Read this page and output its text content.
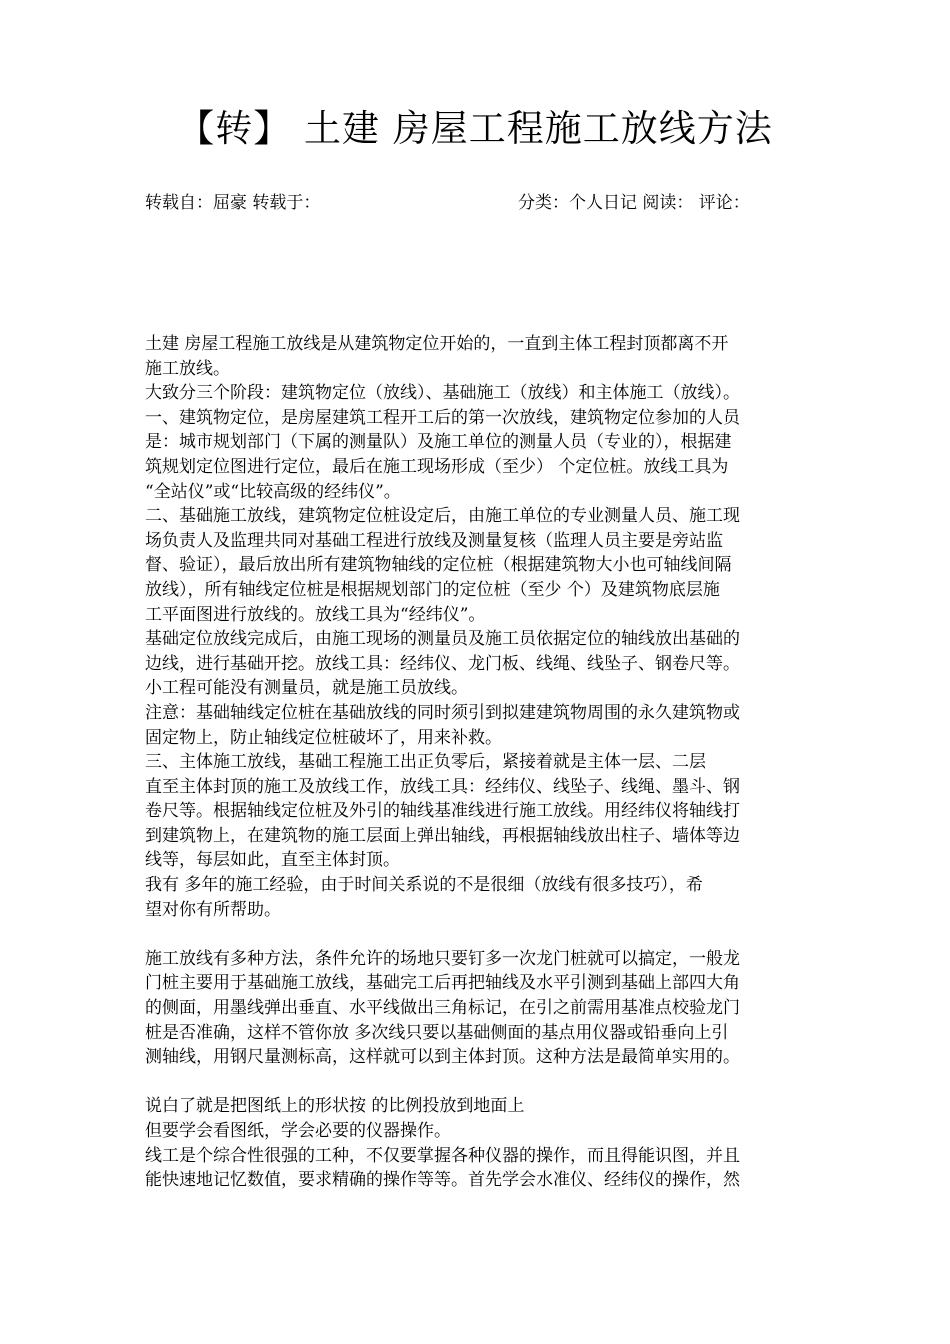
【转】 土建 房屋工程施工放线方法
转载自：屈豪 转载于：	分类：个人日记 阅读： 评论：

土建 房屋工程施工放线是从建筑物定位开始的，一直到主体工程封顶都离不开

施工放线。

大致分三个阶段：建筑物定位（放线）、基础施工（放线）和主体施工（放线）。

一、建筑物定位，是房屋建筑工程开工后的第一次放线，建筑物定位参加的人员

是：城市规划部门（下属的测量队）及施工单位的测量人员（专业的），根据建

筑规划定位图进行定位，最后在施工现场形成（至少） 个定位桩。放线工具为

“全站仪”或“比较高级的经纬仪”。

二、基础施工放线，建筑物定位桩设定后，由施工单位的专业测量人员、施工现

场负责人及监理共同对基础工程进行放线及测量复核（监理人员主要是旁站监

督、验证），最后放出所有建筑物轴线的定位桩（根据建筑物大小也可轴线间隔

放线），所有轴线定位桩是根据规划部门的定位桩（至少 个）及建筑物底层施

工平面图进行放线的。放线工具为“经纬仪”。

基础定位放线完成后，由施工现场的测量员及施工员依据定位的轴线放出基础的

边线，进行基础开挖。放线工具：经纬仪、龙门板、线绳、线坠子、钢卷尺等。

小工程可能没有测量员，就是施工员放线。

注意：基础轴线定位桩在基础放线的同时须引到拟建建筑物周围的永久建筑物或

固定物上，防止轴线定位桩破坏了，用来补救。

三、主体施工放线，基础工程施工出正负零后，紧接着就是主体一层、二层

直至主体封顶的施工及放线工作，放线工具：经纬仪、线坠子、线绳、墨斗、钢

卷尺等。根据轴线定位桩及外引的轴线基准线进行施工放线。用经纬仪将轴线打

到建筑物上，在建筑物的施工层面上弹出轴线，再根据轴线放出柱子、墙体等边

线等，每层如此，直至主体封顶。

我有 多年的施工经验，由于时间关系说的不是很细（放线有很多技巧），希

望对你有所帮助。

施工放线有多种方法，条件允许的场地只要钉多一次龙门桩就可以搞定，一般龙

门桩主要用于基础施工放线，基础完工后再把轴线及水平引测到基础上部四大角

的侧面，用墨线弹出垂直、水平线做出三角标记，在引之前需用基准点校验龙门

桩是否准确，这样不管你放 多次线只要以基础侧面的基点用仪器或铅垂向上引

测轴线，用钢尺量测标高，这样就可以到主体封顶。这种方法是最简单实用的。

说白了就是把图纸上的形状按 的比例投放到地面上

但要学会看图纸，学会必要的仪器操作。

线工是个综合性很强的工种，不仅要掌握各种仪器的操作，而且得能识图，并且

能快速地记忆数值，要求精确的操作等等。首先学会水准仪、经纬仪的操作，然
